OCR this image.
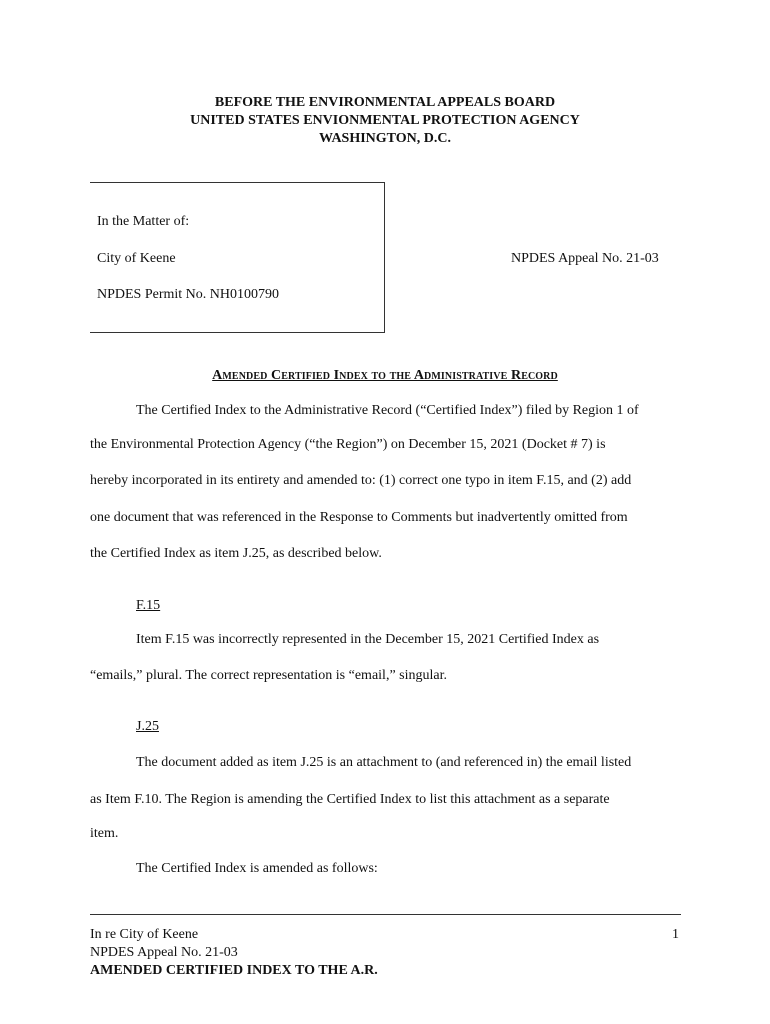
BEFORE THE ENVIRONMENTAL APPEALS BOARD
UNITED STATES ENVIONMENTAL PROTECTION AGENCY
WASHINGTON, D.C.
In the Matter of:
City of Keene
NPDES Permit No. NH0100790
NPDES Appeal No. 21-03
Amended Certified Index to the Administrative Record
The Certified Index to the Administrative Record (“Certified Index”) filed by Region 1 of
the Environmental Protection Agency (“the Region”) on December 15, 2021 (Docket # 7) is
hereby incorporated in its entirety and amended to: (1) correct one typo in item F.15, and (2) add
one document that was referenced in the Response to Comments but inadvertently omitted from
the Certified Index as item J.25, as described below.
F.15
Item F.15 was incorrectly represented in the December 15, 2021 Certified Index as
“emails,” plural. The correct representation is “email,” singular.
J.25
The document added as item J.25 is an attachment to (and referenced in) the email listed
as Item F.10. The Region is amending the Certified Index to list this attachment as a separate
item.
The Certified Index is amended as follows:
In re City of Keene
NPDES Appeal No. 21-03
AMENDED CERTIFIED INDEX TO THE A.R.
1
